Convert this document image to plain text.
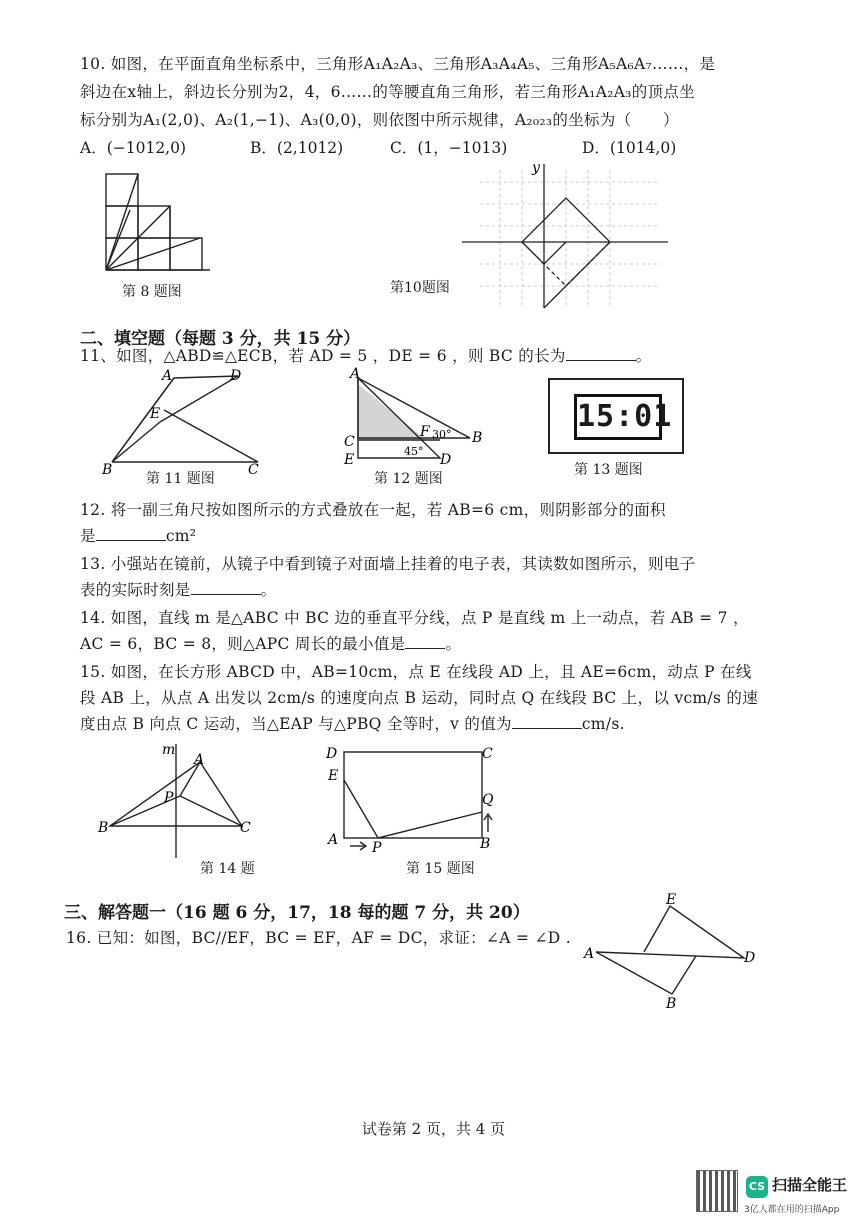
10. 如图，在平面直角坐标系中，三角形A₁A₂A₃、三角形A₃A₄A₅、三角形A₅A₆A₇……，是
斜边在x轴上，斜边长分别为2，4，6……的等腰直角三角形，若三角形A₁A₂A₃的顶点坐
标分别为A₁(2,0)、A₂(1,−1)、A₃(0,0)，则依图中所示规律，A₂₀₂₃的坐标为（　　）
A．(−1012,0)	B．(2,1012)	C．(1，−1013)	D．(1014,0)
第 8 题图
y
第10题图
二、填空题（每题 3 分，共 15 分）
11、如图，△ABD≌△ECB，若 AD = 5 ，DE = 6 ，则 BC 的长为	。
A	D
E
B	C
第 11 题图
A
B
C
E	D
F 30°
45°
第 12 题图
15:01
第 13 题图
12. 将一副三角尺按如图所示的方式叠放在一起，若 AB=6 cm，则阴影部分的面积
是	cm²
13. 小强站在镜前，从镜子中看到镜子对面墙上挂着的电子表，其读数如图所示，则电子
表的实际时刻是	。
14. 如图，直线 m 是△ABC 中 BC 边的垂直平分线，点 P 是直线 m 上一动点，若 AB = 7 ，
AC = 6，BC = 8，则△APC 周长的最小值是	。
15. 如图，在长方形 ABCD 中，AB=10cm，点 E 在线段 AD 上，且 AE=6cm，动点 P 在线
段 AB 上，从点 A 出发以 2cm/s 的速度向点 B 运动，同时点 Q 在线段 BC 上，以 vcm/s 的速
度由点 B 向点 C 运动，当△EAP 与△PBQ 全等时，v 的值为	cm/s.
m
A
P
B	C
第 14 题
D	C
E
Q
A P	B
第 15 题图
三、解答题一（16 题 6 分，17，18 每的题 7 分，共 20）
16. 已知：如图，BC//EF，BC = EF，AF = DC，求证：∠A = ∠D .
E
A	D
B
试卷第 2 页，共 4 页
CS 扫描全能王
3亿人都在用的扫描App
